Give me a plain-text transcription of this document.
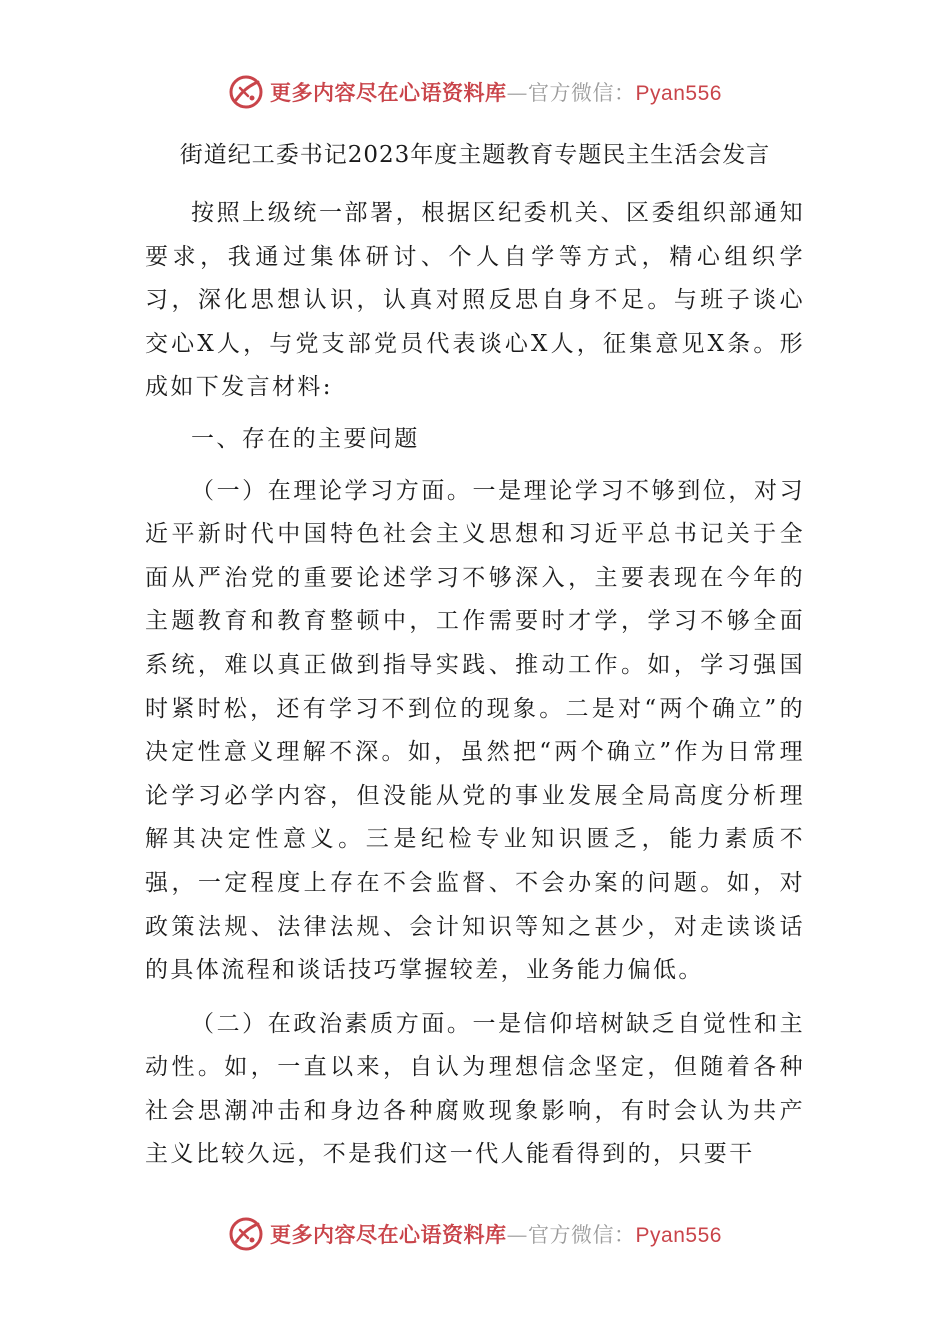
更多内容尽在心语资料库—官方微信：Pyan556
街道纪工委书记2023年度主题教育专题民主生活会发言

按照上级统一部署，根据区纪委机关、区委组织部通知要求，我通过集体研讨、个人自学等方式，精心组织学习，深化思想认识，认真对照反思自身不足。与班子谈心交心X人，与党支部党员代表谈心X人，征集意见X条。形成如下发言材料:

一、存在的主要问题

（一）在理论学习方面。一是理论学习不够到位，对习近平新时代中国特色社会主义思想和习近平总书记关于全面从严治党的重要论述学习不够深入，主要表现在今年的主题教育和教育整顿中，工作需要时才学，学习不够全面系统，难以真正做到指导实践、推动工作。如，学习强国时紧时松，还有学习不到位的现象。二是对“两个确立”的决定性意义理解不深。如，虽然把“两个确立”作为日常理论学习必学内容，但没能从党的事业发展全局高度分析理解其决定性意义。三是纪检专业知识匮乏，能力素质不强，一定程度上存在不会监督、不会办案的问题。如，对政策法规、法律法规、会计知识等知之甚少，对走读谈话的具体流程和谈话技巧掌握较差，业务能力偏低。

（二）在政治素质方面。一是信仰培树缺乏自觉性和主动性。如，一直以来，自认为理想信念坚定，但随着各种社会思潮冲击和身边各种腐败现象影响，有时会认为共产主义比较久远，不是我们这一代人能看得到的，只要干

更多内容尽在心语资料库—官方微信：Pyan556
